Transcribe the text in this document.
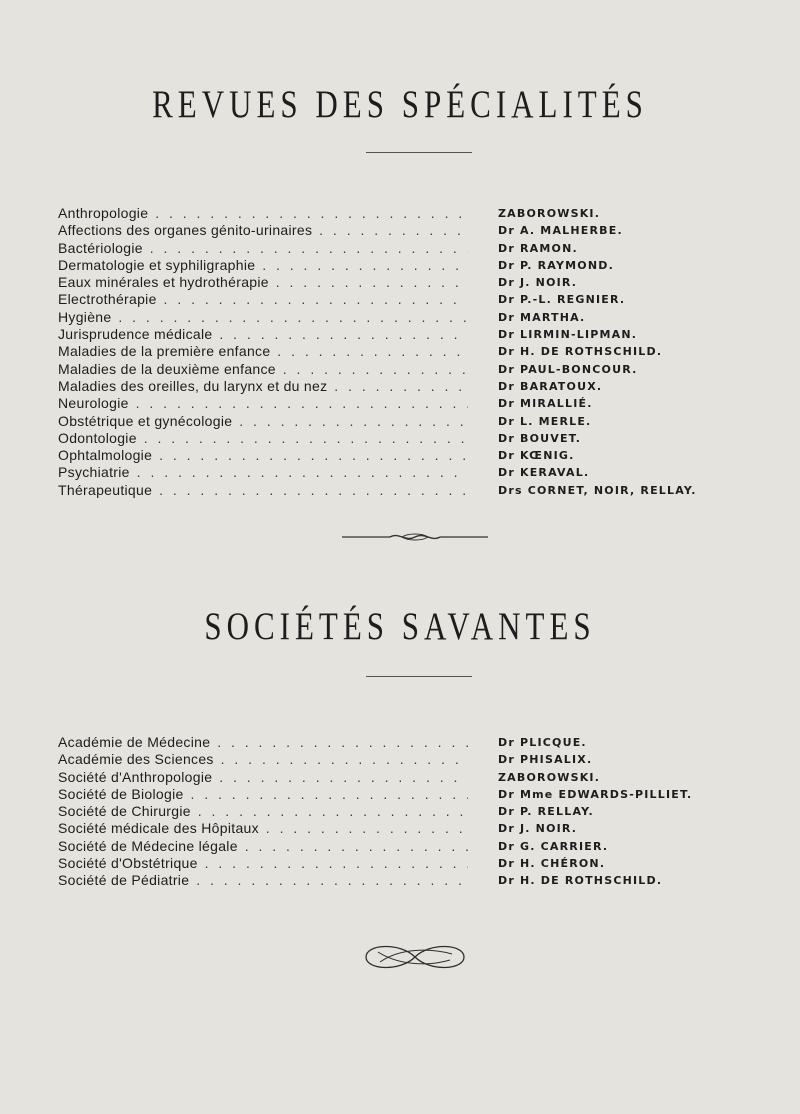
REVUES DES SPÉCIALITÉS
Anthropologie . . .	ZABOROWSKI.
Affections des organes génito-urinaires . . .	Dr A. MALHERBE.
Bactériologie . . .	Dr RAMON.
Dermatologie et syphiligraphie . . .	Dr P. RAYMOND.
Eaux minérales et hydrothérapie . . .	Dr J. NOIR.
Electrothérapie . . .	Dr P.-L. REGNIER.
Hygiène . . .	Dr MARTHA.
Jurisprudence médicale . . .	Dr LIRMIN-LIPMAN.
Maladies de la première enfance . . .	Dr H. DE ROTHSCHILD.
Maladies de la deuxième enfance . . .	Dr PAUL-BONCOUR.
Maladies des oreilles, du larynx et du nez . . .	Dr BARATOUX.
Neurologie . . .	Dr MIRALLIÉ.
Obstétrique et gynécologie . . .	Dr L. MERLE.
Odontologie . . .	Dr BOUVET.
Ophtalmologie . . .	Dr KŒNIG.
Psychiatrie . . .	Dr KERAVAL.
Thérapeutique . . .	Drs CORNET, NOIR, RELLAY.
SOCIÉTÉS SAVANTES
Académie de Médecine . . .	Dr PLICQUE.
Académie des Sciences . . .	Dr PHISALIX.
Société d'Anthropologie . . .	ZABOROWSKI.
Société de Biologie . . .	Dr Mme EDWARDS-PILLIET.
Société de Chirurgie . . .	Dr P. RELLAY.
Société médicale des Hôpitaux . . .	Dr J. NOIR.
Société de Médecine légale . . .	Dr G. CARRIER.
Société d'Obstétrique . . .	Dr H. CHÉRON.
Société de Pédiatrie . . .	Dr H. DE ROTHSCHILD.
